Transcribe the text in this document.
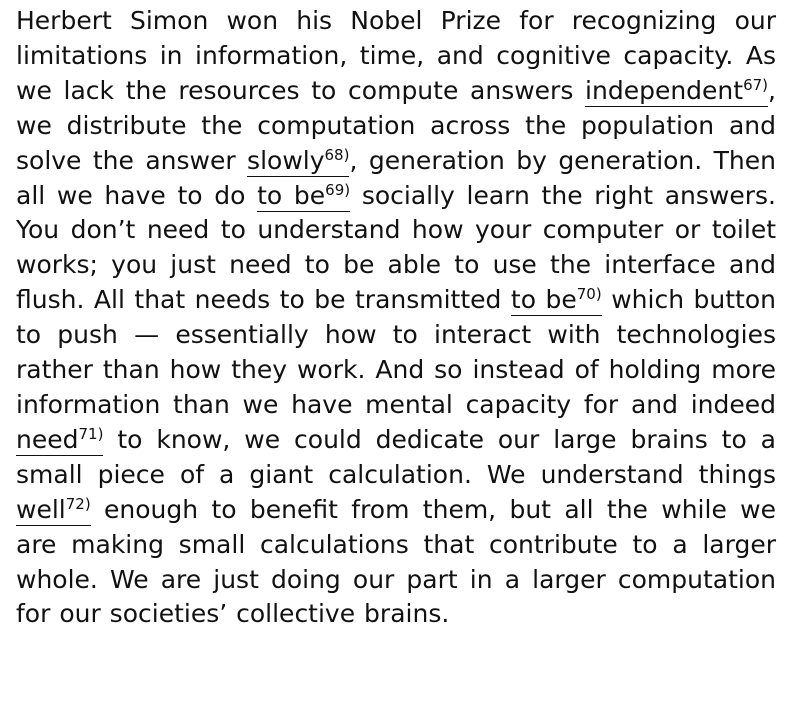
Herbert Simon won his Nobel Prize for recognizing our limitations in information, time, and cognitive capacity. As we lack the resources to compute answers independent$^{67)}$, we distribute the computation across the population and solve the answer slowly$^{68)}$, generation by generation. Then all we have to do to $be^{69)}$ socially learn the right answers. You don’t need to understand how your computer or toilet works; you just need to be able to use the interface and flush. All that needs to be transmitted to $be^{70)}$ which button to push — essentially how to interact with technologies rather than how they work. And so instead of holding more information than we have mental capacity for and indeed need$^{71)}$ to know, we could dedicate our large brains to a small piece of a giant calculation. We understand things well$^{72)}$ enough to benefit from them, but all the while we are making small calculations that contribute to a larger whole. We are just doing our part in a larger computation for our societies’ collective brains.
